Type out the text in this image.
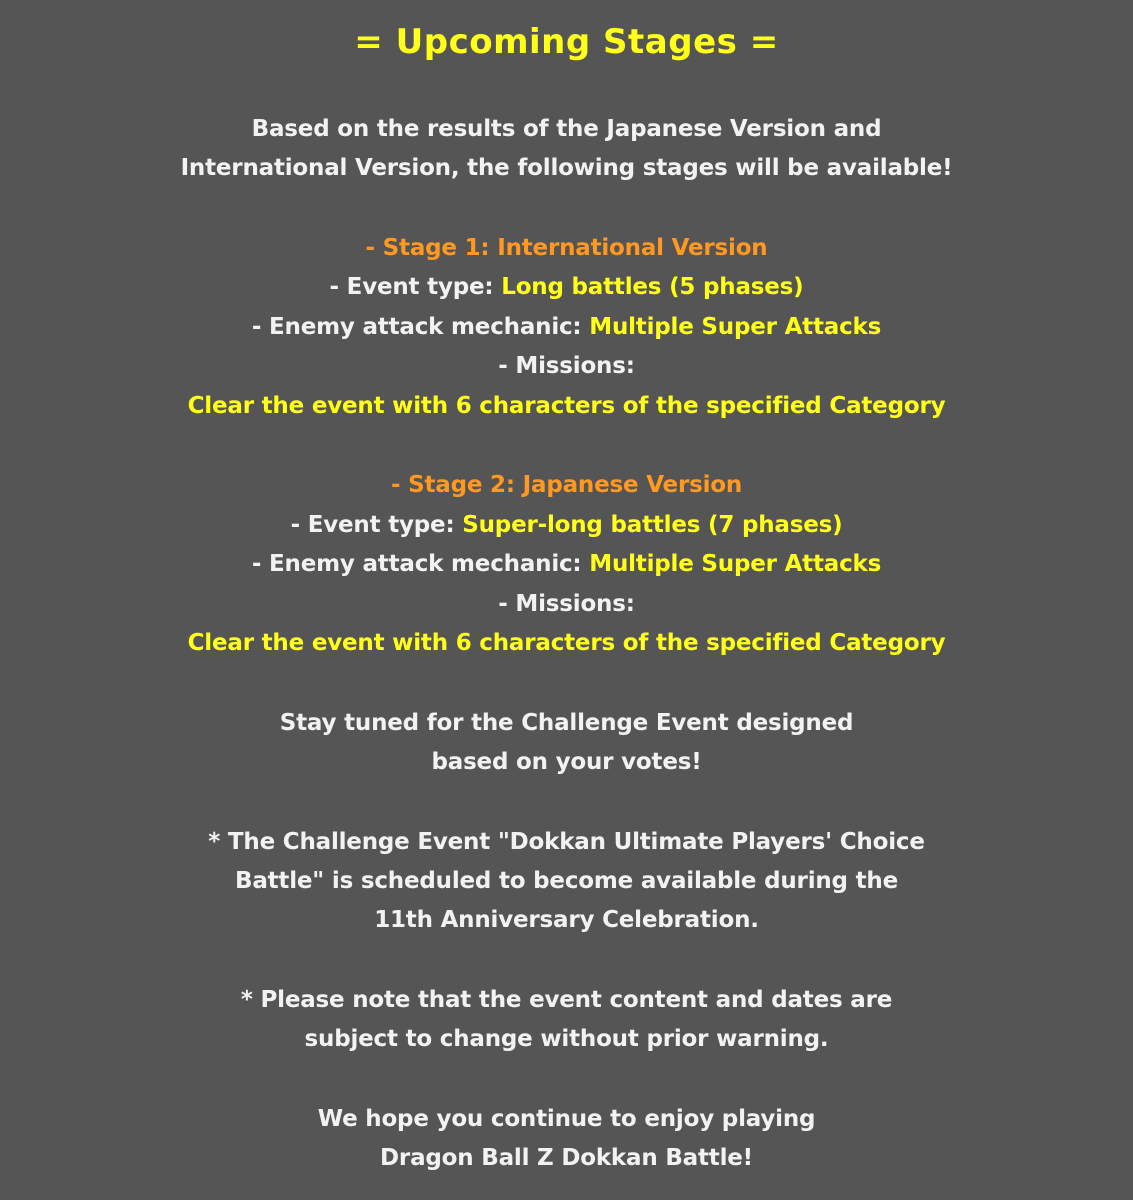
= Upcoming Stages =
Based on the results of the Japanese Version and
International Version, the following stages will be available!
- Stage 1: International Version
- Event type: Long battles (5 phases)
- Enemy attack mechanic: Multiple Super Attacks
- Missions:
Clear the event with 6 characters of the specified Category
- Stage 2: Japanese Version
- Event type: Super-long battles (7 phases)
- Enemy attack mechanic: Multiple Super Attacks
- Missions:
Clear the event with 6 characters of the specified Category
Stay tuned for the Challenge Event designed
based on your votes!
* The Challenge Event "Dokkan Ultimate Players' Choice
Battle" is scheduled to become available during the
11th Anniversary Celebration.
* Please note that the event content and dates are
subject to change without prior warning.
We hope you continue to enjoy playing
Dragon Ball Z Dokkan Battle!
